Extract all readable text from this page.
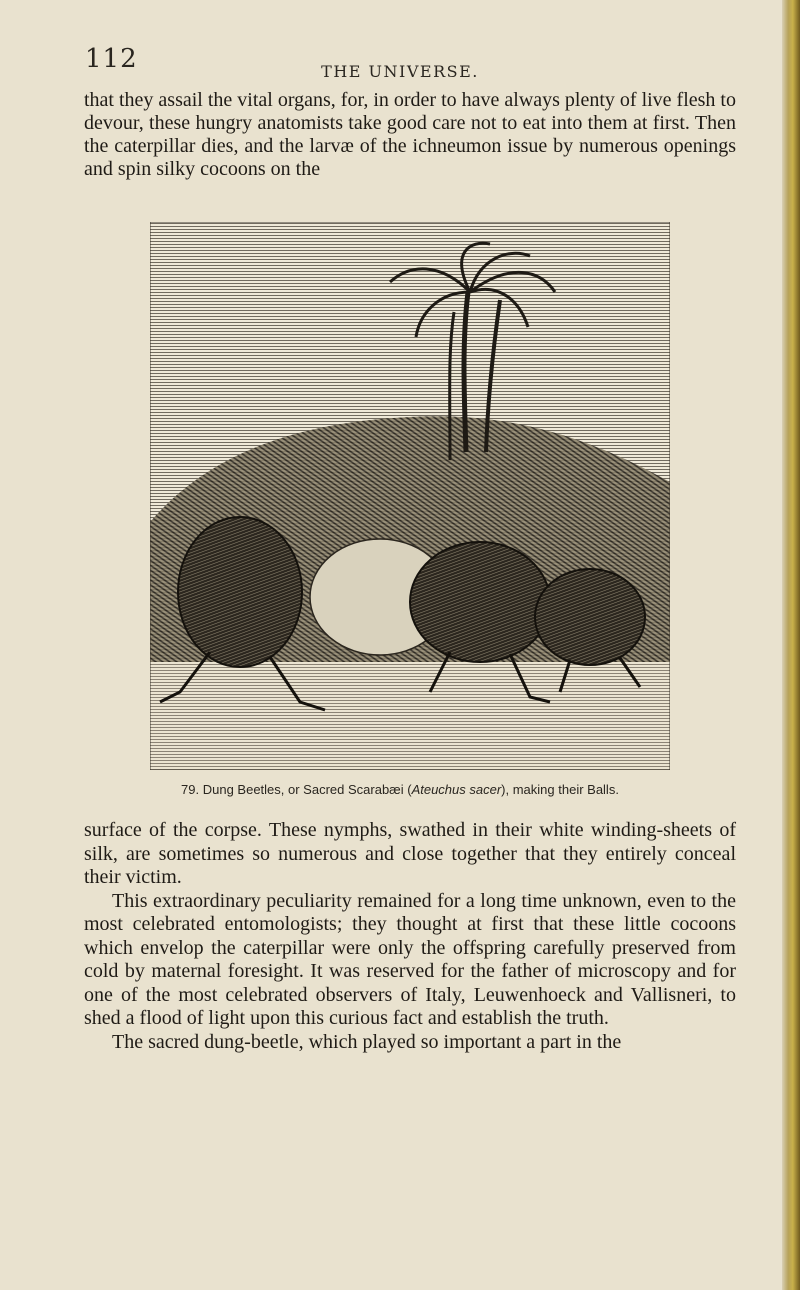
112	THE UNIVERSE.

that they assail the vital organs, for, in order to have always plenty of live flesh to devour, these hungry anatomists take good care not to eat into them at first. Then the caterpillar dies, and the larvæ of the ichneumon issue by numerous openings and spin silky cocoons on the

79. Dung Beetles, or Sacred Scarabæi (Ateuchus sacer), making their Balls.
surface of the corpse. These nymphs, swathed in their white winding-sheets of silk, are sometimes so numerous and close together that they entirely conceal their victim.
This extraordinary peculiarity remained for a long time unknown, even to the most celebrated entomologists; they thought at first that these little cocoons which envelop the caterpillar were only the offspring carefully preserved from cold by maternal foresight. It was reserved for the father of microscopy and for one of the most celebrated observers of Italy, Leuwenhoeck and Vallisneri, to shed a flood of light upon this curious fact and establish the truth.
The sacred dung-beetle, which played so important a part in the
